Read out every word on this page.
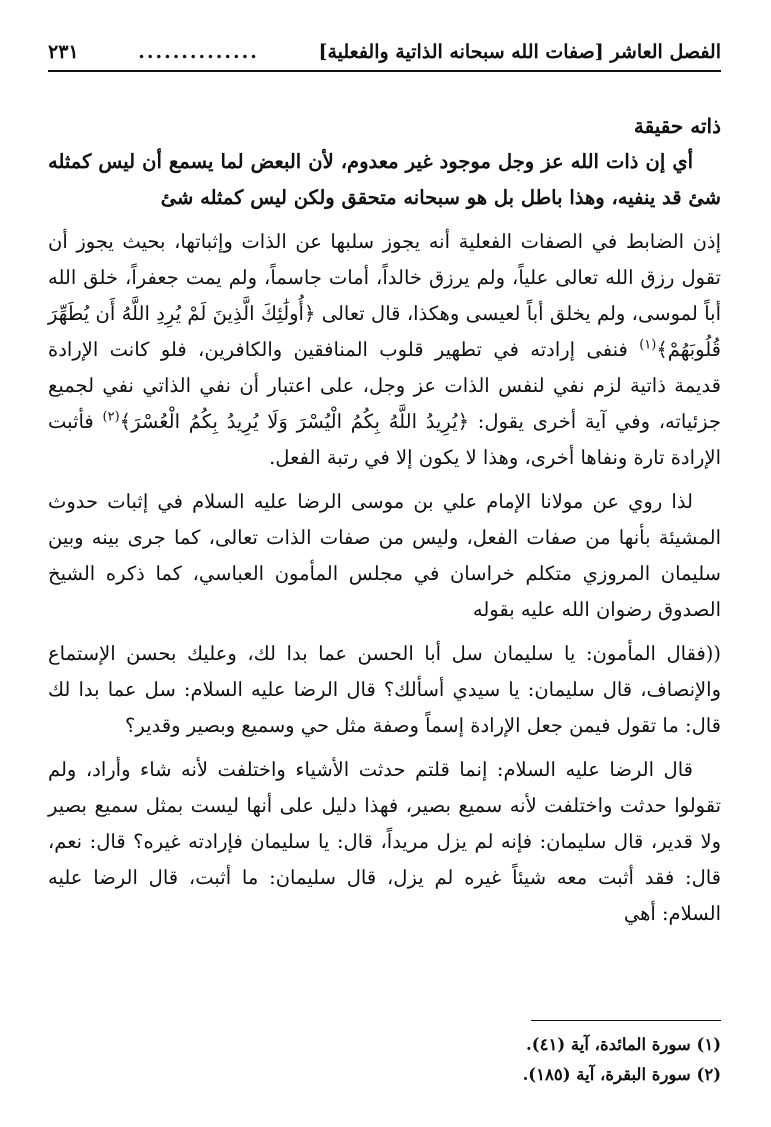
الفصل العاشر [صفات الله سبحانه الذاتية والفعلية]
..............
٢٣١

ذاته حقيقة

أي إن ذات الله عز وجل موجود غير معدوم، لأن البعض لما يسمع أن ليس كمثله شئ قد ينفيه، وهذا باطل بل هو سبحانه متحقق ولكن ليس كمثله شئ

إذن الضابط في الصفات الفعلية أنه يجوز سلبها عن الذات وإثباتها، بحيث يجوز أن تقول رزق الله تعالى علياً، ولم يرزق خالداً، أمات جاسماً، ولم يمت جعفراً، خلق الله أباً لموسى، ولم يخلق أباً لعيسى وهكذا، قال تعالى ﴿أُولَٰئِكَ الَّذِينَ لَمْ يُرِدِ اللَّهُ أَن يُطَهِّرَ قُلُوبَهُمْ﴾$^{(١)}$ فنفى إرادته في تطهير قلوب المنافقين والكافرين، فلو كانت الإرادة قديمة ذاتية لزم نفي لنفس الذات عز وجل، على اعتبار أن نفي الذاتي نفي لجميع جزئياته، وفي آية أخرى يقول: ﴿يُرِيدُ اللَّهُ بِكُمُ الْيُسْرَ وَلَا يُرِيدُ بِكُمُ الْعُسْرَ﴾$^{(٢)}$ فأثبت الإرادة تارة ونفاها أخرى، وهذا لا يكون إلا في رتبة الفعل.

لذا روي عن مولانا الإمام علي بن موسى الرضا عليه السلام في إثبات حدوث المشيئة بأنها من صفات الفعل، وليس من صفات الذات تعالى، كما جرى بينه وبين سليمان المروزي متكلم خراسان في مجلس المأمون العباسي، كما ذكره الشيخ الصدوق رضوان الله عليه بقوله

((فقال المأمون: يا سليمان سل أبا الحسن عما بدا لك، وعليك بحسن الإستماع والإنصاف، قال سليمان: يا سيدي أسألك؟ قال الرضا عليه السلام: سل عما بدا لك قال: ما تقول فيمن جعل الإرادة إسماً وصفة مثل حي وسميع وبصير وقدير؟

قال الرضا عليه السلام: إنما قلتم حدثت الأشياء واختلفت لأنه شاء وأراد، ولم تقولوا حدثت واختلفت لأنه سميع بصير، فهذا دليل على أنها ليست بمثل سميع بصير ولا قدير، قال سليمان: فإنه لم يزل مريداً، قال: يا سليمان فإرادته غيره؟ قال: نعم، قال: فقد أثبت معه شيئاً غيره لم يزل، قال سليمان: ما أثبت، قال الرضا عليه السلام: أهي

(١) سورة المائدة، آية (٤١).
(٢) سورة البقرة، آية (١٨٥).
